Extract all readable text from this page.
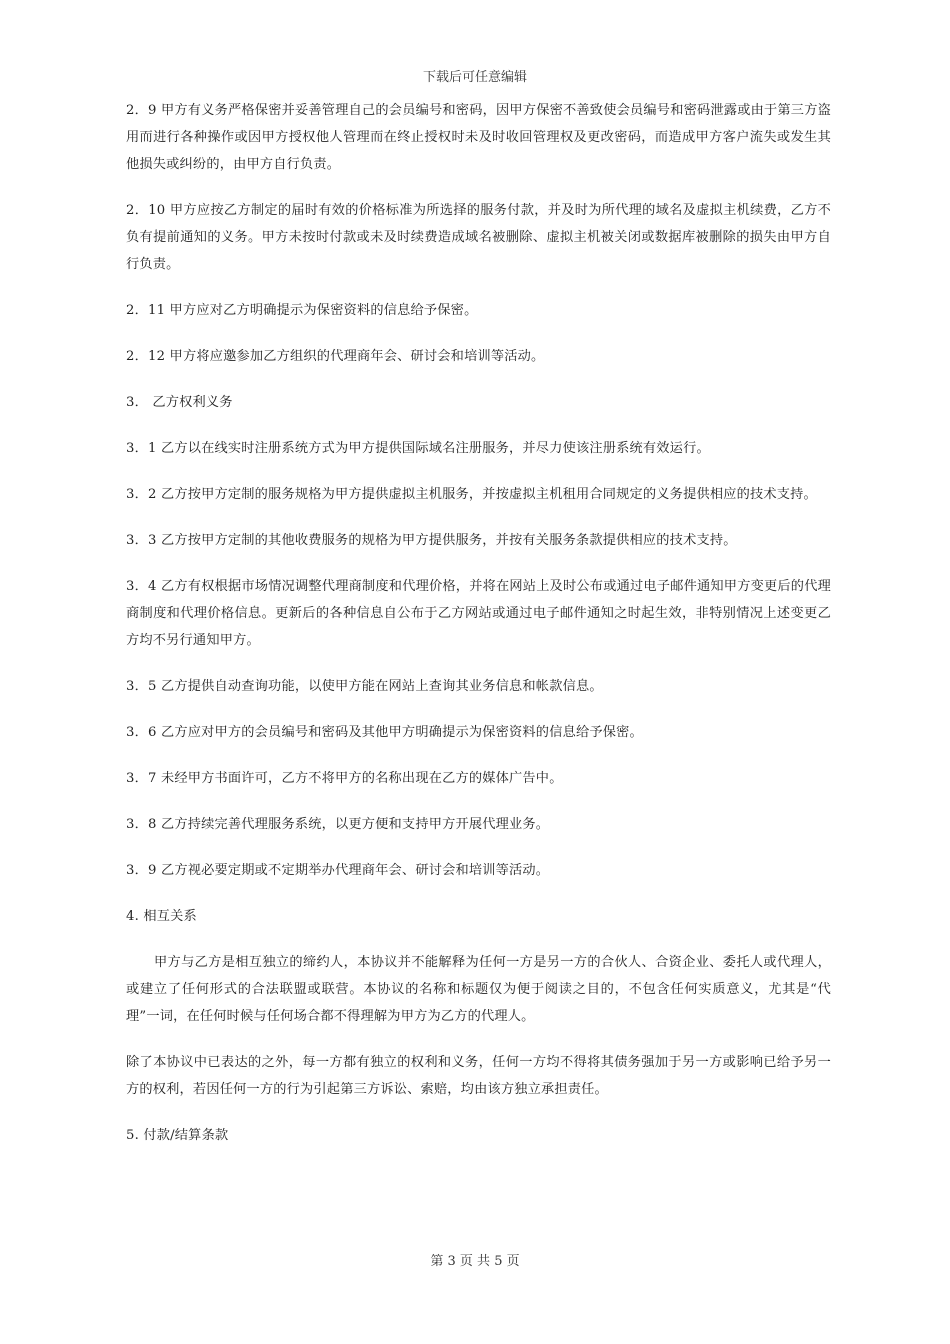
下载后可任意编辑

2．9 甲方有义务严格保密并妥善管理自己的会员编号和密码，因甲方保密不善致使会员编号和密码泄露或由于第三方盗用而进行各种操作或因甲方授权他人管理而在终止授权时未及时收回管理权及更改密码，而造成甲方客户流失或发生其他损失或纠纷的，由甲方自行负责。

2．10 甲方应按乙方制定的届时有效的价格标准为所选择的服务付款，并及时为所代理的域名及虚拟主机续费，乙方不负有提前通知的义务。甲方未按时付款或未及时续费造成域名被删除、虚拟主机被关闭或数据库被删除的损失由甲方自行负责。

2．11 甲方应对乙方明确提示为保密资料的信息给予保密。

2．12 甲方将应邀参加乙方组织的代理商年会、研讨会和培训等活动。

3． 乙方权利义务

3．1 乙方以在线实时注册系统方式为甲方提供国际域名注册服务，并尽力使该注册系统有效运行。

3．2 乙方按甲方定制的服务规格为甲方提供虚拟主机服务，并按虚拟主机租用合同规定的义务提供相应的技术支持。

3．3 乙方按甲方定制的其他收费服务的规格为甲方提供服务，并按有关服务条款提供相应的技术支持。

3．4 乙方有权根据市场情况调整代理商制度和代理价格，并将在网站上及时公布或通过电子邮件通知甲方变更后的代理商制度和代理价格信息。更新后的各种信息自公布于乙方网站或通过电子邮件通知之时起生效，非特别情况上述变更乙方均不另行通知甲方。

3．5 乙方提供自动查询功能，以使甲方能在网站上查询其业务信息和帐款信息。

3．6 乙方应对甲方的会员编号和密码及其他甲方明确提示为保密资料的信息给予保密。

3．7 未经甲方书面许可，乙方不将甲方的名称出现在乙方的媒体广告中。

3．8 乙方持续完善代理服务系统，以更方便和支持甲方开展代理业务。

3．9 乙方视必要定期或不定期举办代理商年会、研讨会和培训等活动。

4. 相互关系

甲方与乙方是相互独立的缔约人，本协议并不能解释为任何一方是另一方的合伙人、合资企业、委托人或代理人，或建立了任何形式的合法联盟或联营。本协议的名称和标题仅为便于阅读之目的，不包含任何实质意义，尤其是“代理”一词，在任何时候与任何场合都不得理解为甲方为乙方的代理人。

除了本协议中已表达的之外，每一方都有独立的权利和义务，任何一方均不得将其债务强加于另一方或影响已给予另一方的权利，若因任何一方的行为引起第三方诉讼、索赔，均由该方独立承担责任。

5. 付款/结算条款

第 3 页 共 5 页
